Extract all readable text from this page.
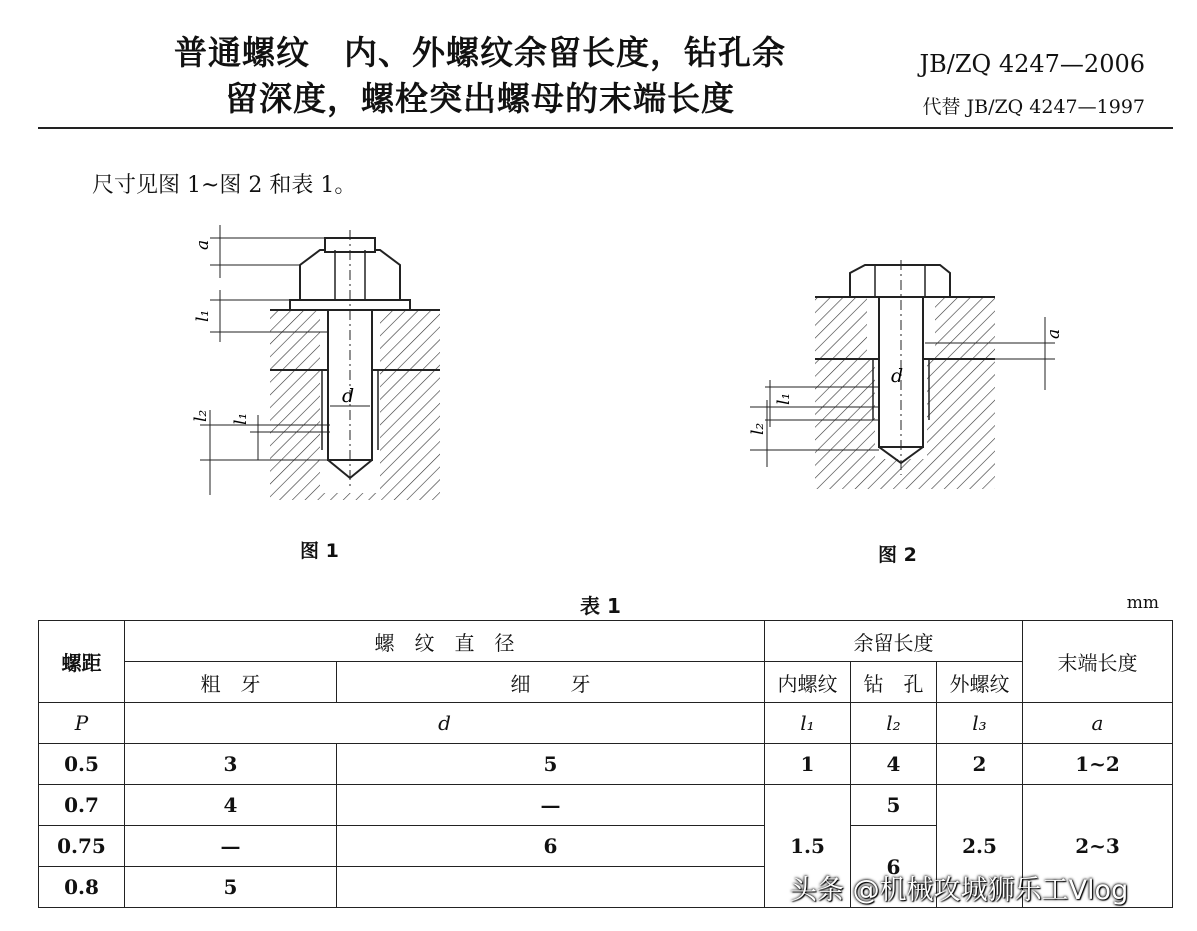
普通螺纹　内、外螺纹余留长度，钻孔余
留深度，螺栓突出螺母的末端长度
JB/ZQ 4247—2006
代替 JB/ZQ 4247—1997
尺寸见图 1~图 2 和表 1。
a
l₁
d
l₂ l₁
图 1
a
d
l₁
l₂
图 2
表 1	mm
螺距	螺　纹　直　径		余留长度			末端长度
	粗　牙	细　　牙	内螺纹	钻　孔	外螺纹	
P	d		l₁	l₂	l₃	a
0.5	3	5	1	4	2	1~2
0.7	4	—	1.5	5	2.5	2~3
0.75	—	6		6		
0.8	5						头条 @机械攻城狮乐工Vlog
